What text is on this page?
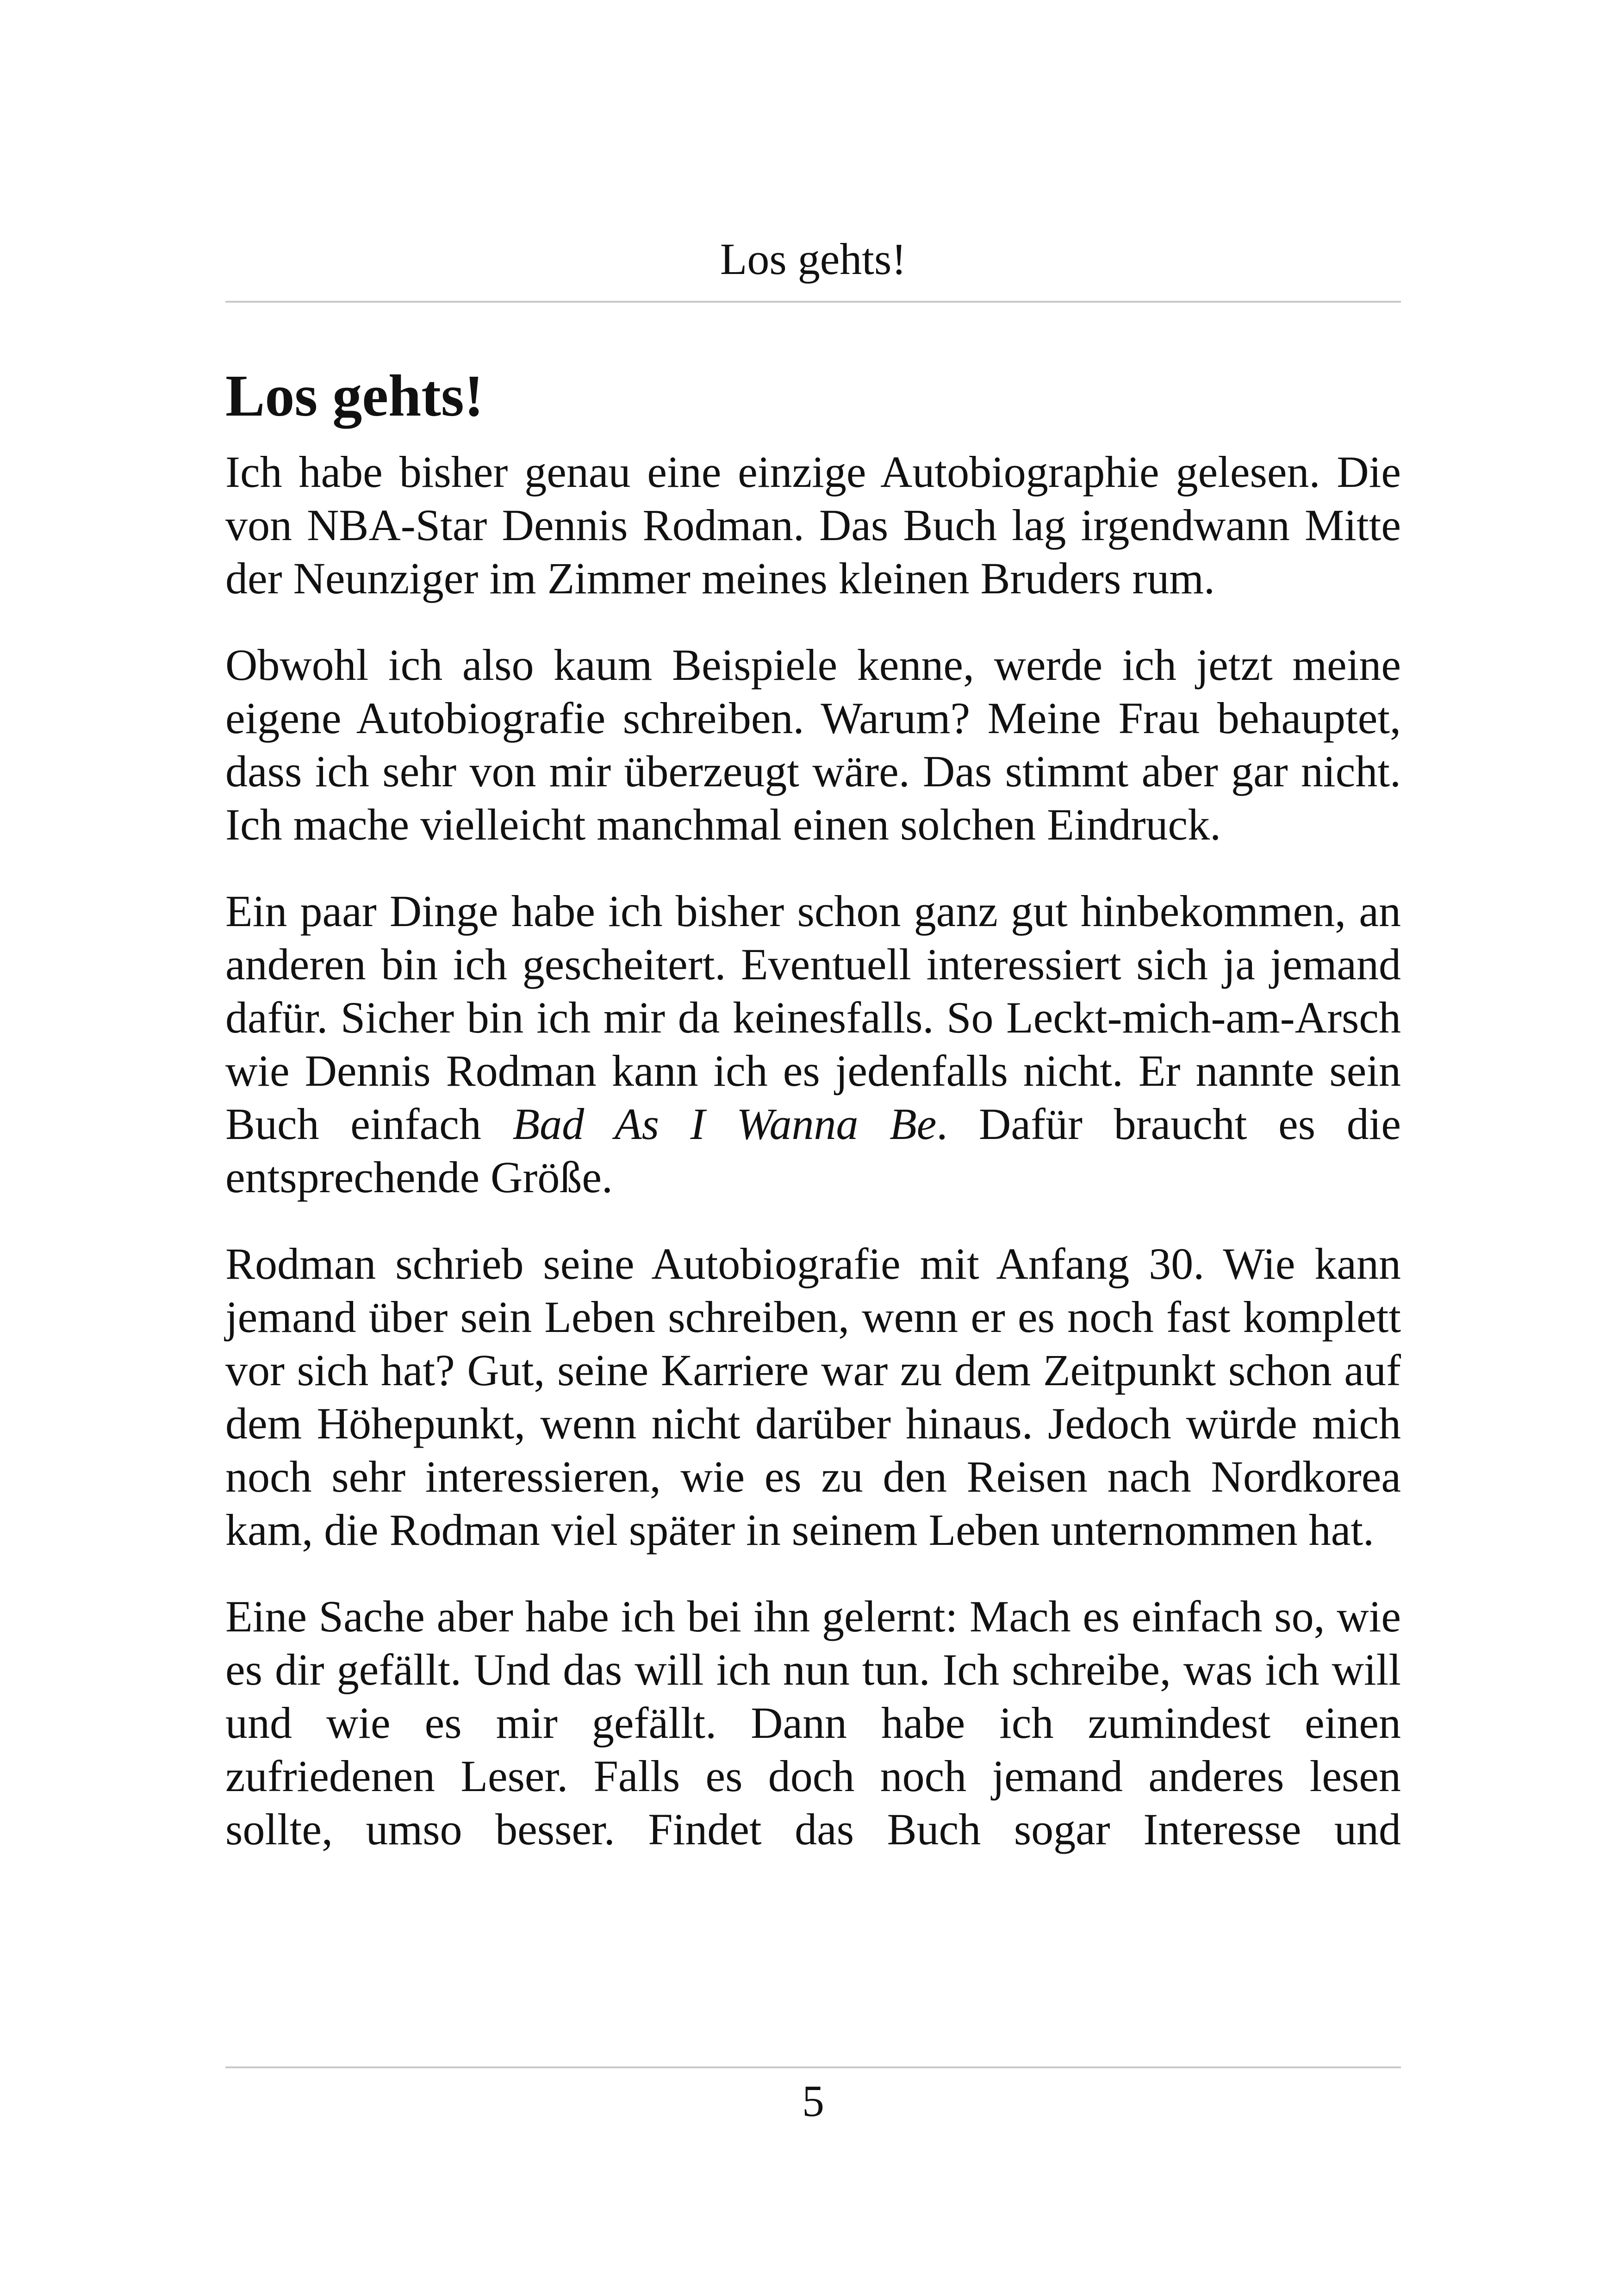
Los gehts!
Los gehts!

Ich habe bisher genau eine einzige Autobiographie gelesen. Die von NBA-Star Dennis Rodman. Das Buch lag irgendwann Mitte der Neunziger im Zimmer meines kleinen Bruders rum.

Obwohl ich also kaum Beispiele kenne, werde ich jetzt meine eigene Autobiografie schreiben. Warum? Meine Frau behauptet, dass ich sehr von mir überzeugt wäre. Das stimmt aber gar nicht. Ich mache vielleicht manchmal einen solchen Eindruck.

Ein paar Dinge habe ich bisher schon ganz gut hinbekommen, an anderen bin ich gescheitert. Eventuell interessiert sich ja jemand dafür. Sicher bin ich mir da keinesfalls. So Leckt-mich-am-Arsch wie Dennis Rodman kann ich es jedenfalls nicht. Er nannte sein Buch einfach Bad As I Wanna Be. Dafür braucht es die entsprechende Größe.

Rodman schrieb seine Autobiografie mit Anfang 30. Wie kann jemand über sein Leben schreiben, wenn er es noch fast komplett vor sich hat? Gut, seine Karriere war zu dem Zeitpunkt schon auf dem Höhepunkt, wenn nicht darüber hinaus. Jedoch würde mich noch sehr interessieren, wie es zu den Reisen nach Nordkorea kam, die Rodman viel später in seinem Leben unternommen hat.

Eine Sache aber habe ich bei ihn gelernt: Mach es einfach so, wie es dir gefällt. Und das will ich nun tun. Ich schreibe, was ich will und wie es mir gefällt. Dann habe ich zumindest einen zufriedenen Leser. Falls es doch noch jemand anderes lesen sollte, umso besser. Findet das Buch sogar Interesse und

5
